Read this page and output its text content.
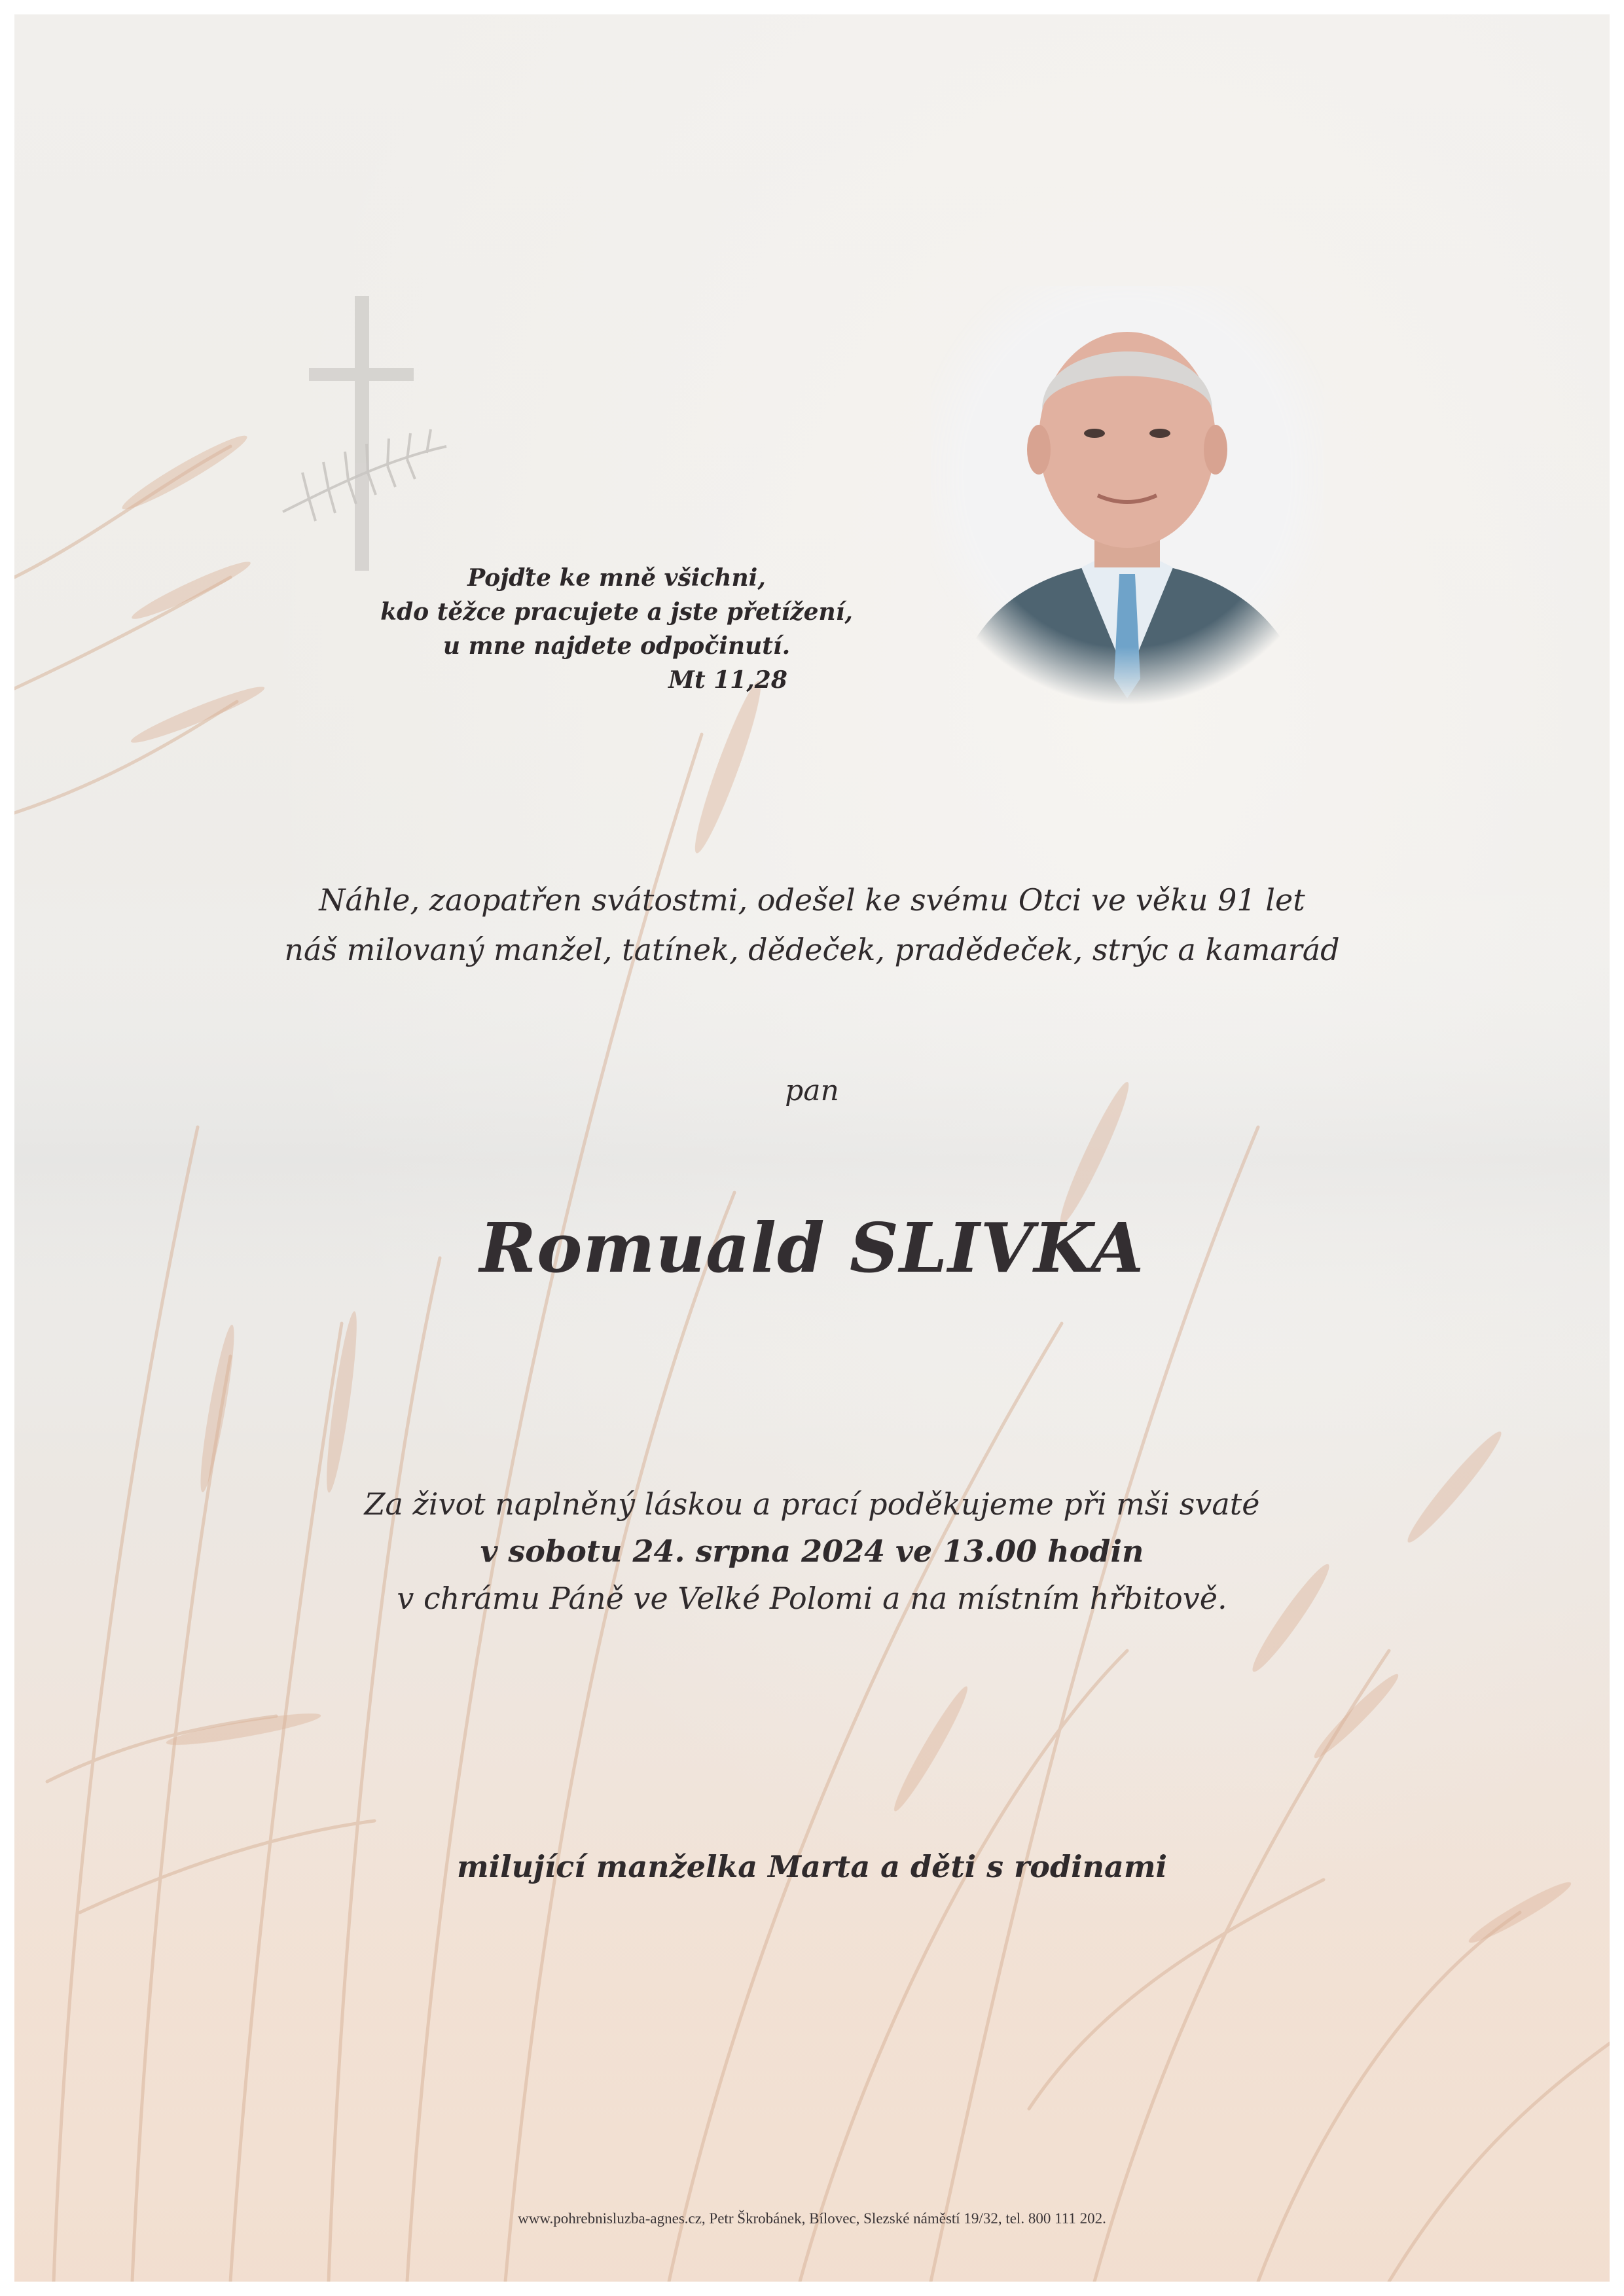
Pojďte ke mně všichni,
kdo těžce pracujete a jste přetížení,
u mne najdete odpočinutí.
Mt 11,28
Náhle, zaopatřen svátostmi, odešel ke svému Otci ve věku 91 let
náš milovaný manžel, tatínek, dědeček, pradědeček, strýc a kamarád
pan
Romuald SLIVKA
Za život naplněný láskou a prací poděkujeme při mši svaté
v sobotu 24. srpna 2024 ve 13.00 hodin
v chrámu Páně ve Velké Polomi a na místním hřbitově.
milující manželka Marta a děti s rodinami
www.pohrebnisluzba-agnes.cz, Petr Škrobánek, Bílovec, Slezské náměstí 19/32, tel. 800 111 202.
